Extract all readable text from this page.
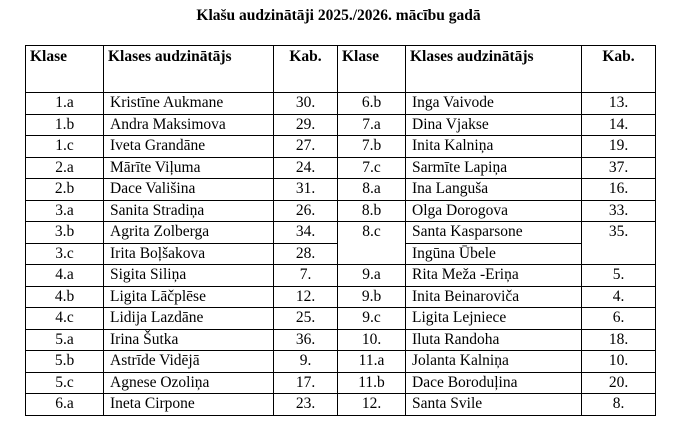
Klašu audzinātāji 2025./2026. mācību gadā
Klase	Klases audzinātājs	Kab.	Klase	Klases audzinātājs	Kab.
1.a	Kristīne Aukmane	30.	6.b	Inga Vaivode	13.
1.b	Andra Maksimova	29.	7.a	Dina Vjakse	14.
1.c	Iveta Grandāne	27.	7.b	Inita Kalniņa	19.
2.a	Mārīte Viļuma	24.	7.c	Sarmīte Lapiņa	37.
2.b	Dace Vališina	31.	8.a	Ina Languša	16.
3.a	Sanita Stradiņa	26.	8.b	Olga Dorogova	33.
3.b	Agrita Zolberga	34.	8.c	Santa Kasparsone	35.
3.c	Irita Boļšakova	28.		Ingūna Ūbele	
4.a	Sigita Siliņa	7.	9.a	Rita Meža -Eriņa	5.
4.b	Ligita Lāčplēse	12.	9.b	Inita Beinaroviča	4.
4.c	Lidija Lazdāne	25.	9.c	Ligita Lejniece	6.
5.a	Irina Šutka	36.	10.	Iluta Randoha	18.
5.b	Astrīde Vidējā	9.	11.a	Jolanta Kalniņa	10.
5.c	Agnese Ozoliņa	17.	11.b	Dace Boroduļina	20.
6.a	Ineta Cirpone	23.	12.	Santa Svile	8.
